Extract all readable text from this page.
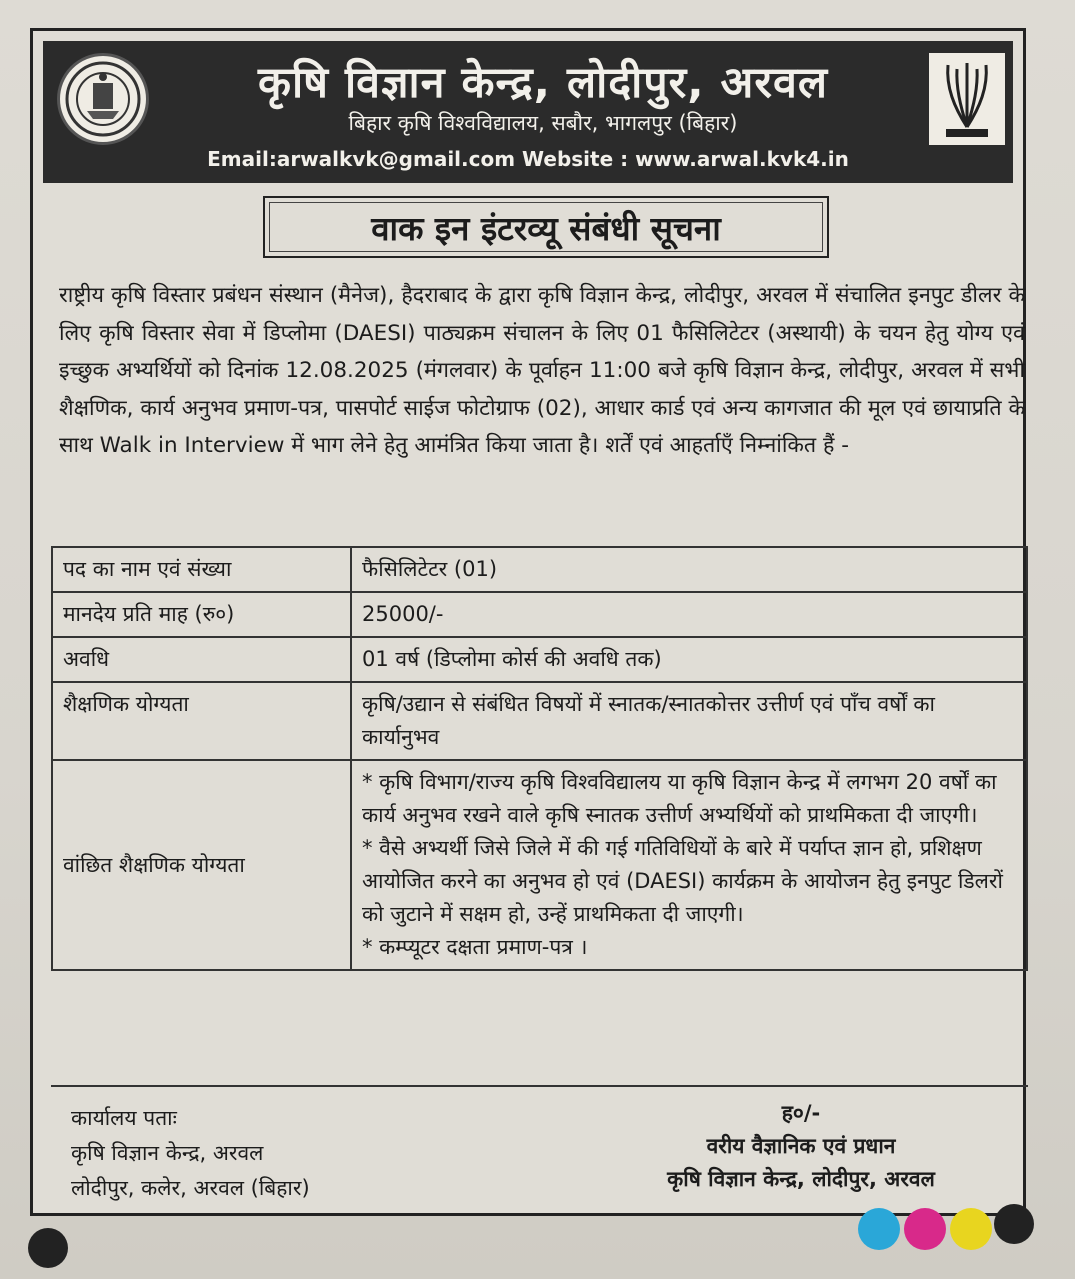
कृषि विज्ञान केन्द्र, लोदीपुर, अरवल
बिहार कृषि विश्वविद्यालय, सबौर, भागलपुर (बिहार)
Email:arwalkvk@gmail.com Website : www.arwal.kvk4.in
वाक इन इंटरव्यू संबंधी सूचना
राष्ट्रीय कृषि विस्तार प्रबंधन संस्थान (मैनेज), हैदराबाद के द्वारा कृषि विज्ञान केन्द्र, लोदीपुर, अरवल में संचालित इनपुट डीलर के लिए कृषि विस्तार सेवा में डिप्लोमा (DAESI) पाठ्यक्रम संचालन के लिए 01 फैसिलिटेटर (अस्थायी) के चयन हेतु योग्य एवं इच्छुक अभ्यर्थियों को दिनांक 12.08.2025 (मंगलवार) के पूर्वाहन 11:00 बजे कृषि विज्ञान केन्द्र, लोदीपुर, अरवल में सभी शैक्षणिक, कार्य अनुभव प्रमाण-पत्र, पासपोर्ट साईज फोटोग्राफ (02), आधार कार्ड एवं अन्य कागजात की मूल एवं छायाप्रति के साथ Walk in Interview में भाग लेने हेतु आमंत्रित किया जाता है। शर्तें एवं आहर्ताएँ निम्नांकित हैं -
पद का नाम एवं संख्या	फैसिलिटेटर (01)
मानदेय प्रति माह (रु०)	25000/-
अवधि	01 वर्ष (डिप्लोमा कोर्स की अवधि तक)
शैक्षणिक योग्यता	कृषि/उद्यान से संबंधित विषयों में स्नातक/स्नातकोत्तर उत्तीर्ण एवं पाँच वर्षों का कार्यानुभव
वांछित शैक्षणिक योग्यता	* कृषि विभाग/राज्य कृषि विश्वविद्यालय या कृषि विज्ञान केन्द्र में लगभग 20 वर्षों का कार्य अनुभव रखने वाले कृषि स्नातक उत्तीर्ण अभ्यर्थियों को प्राथमिकता दी जाएगी।
* वैसे अभ्यर्थी जिसे जिले में की गई गतिविधियों के बारे में पर्याप्त ज्ञान हो, प्रशिक्षण आयोजित करने का अनुभव हो एवं (DAESI) कार्यक्रम के आयोजन हेतु इनपुट डिलरों को जुटाने में सक्षम हो, उन्हें प्राथमिकता दी जाएगी।
* कम्प्यूटर दक्षता प्रमाण-पत्र ।
कार्यालय पताः
कृषि विज्ञान केन्द्र, अरवल
लोदीपुर, कलेर, अरवल (बिहार)
ह०/-
वरीय वैज्ञानिक एवं प्रधान
कृषि विज्ञान केन्द्र, लोदीपुर, अरवल
